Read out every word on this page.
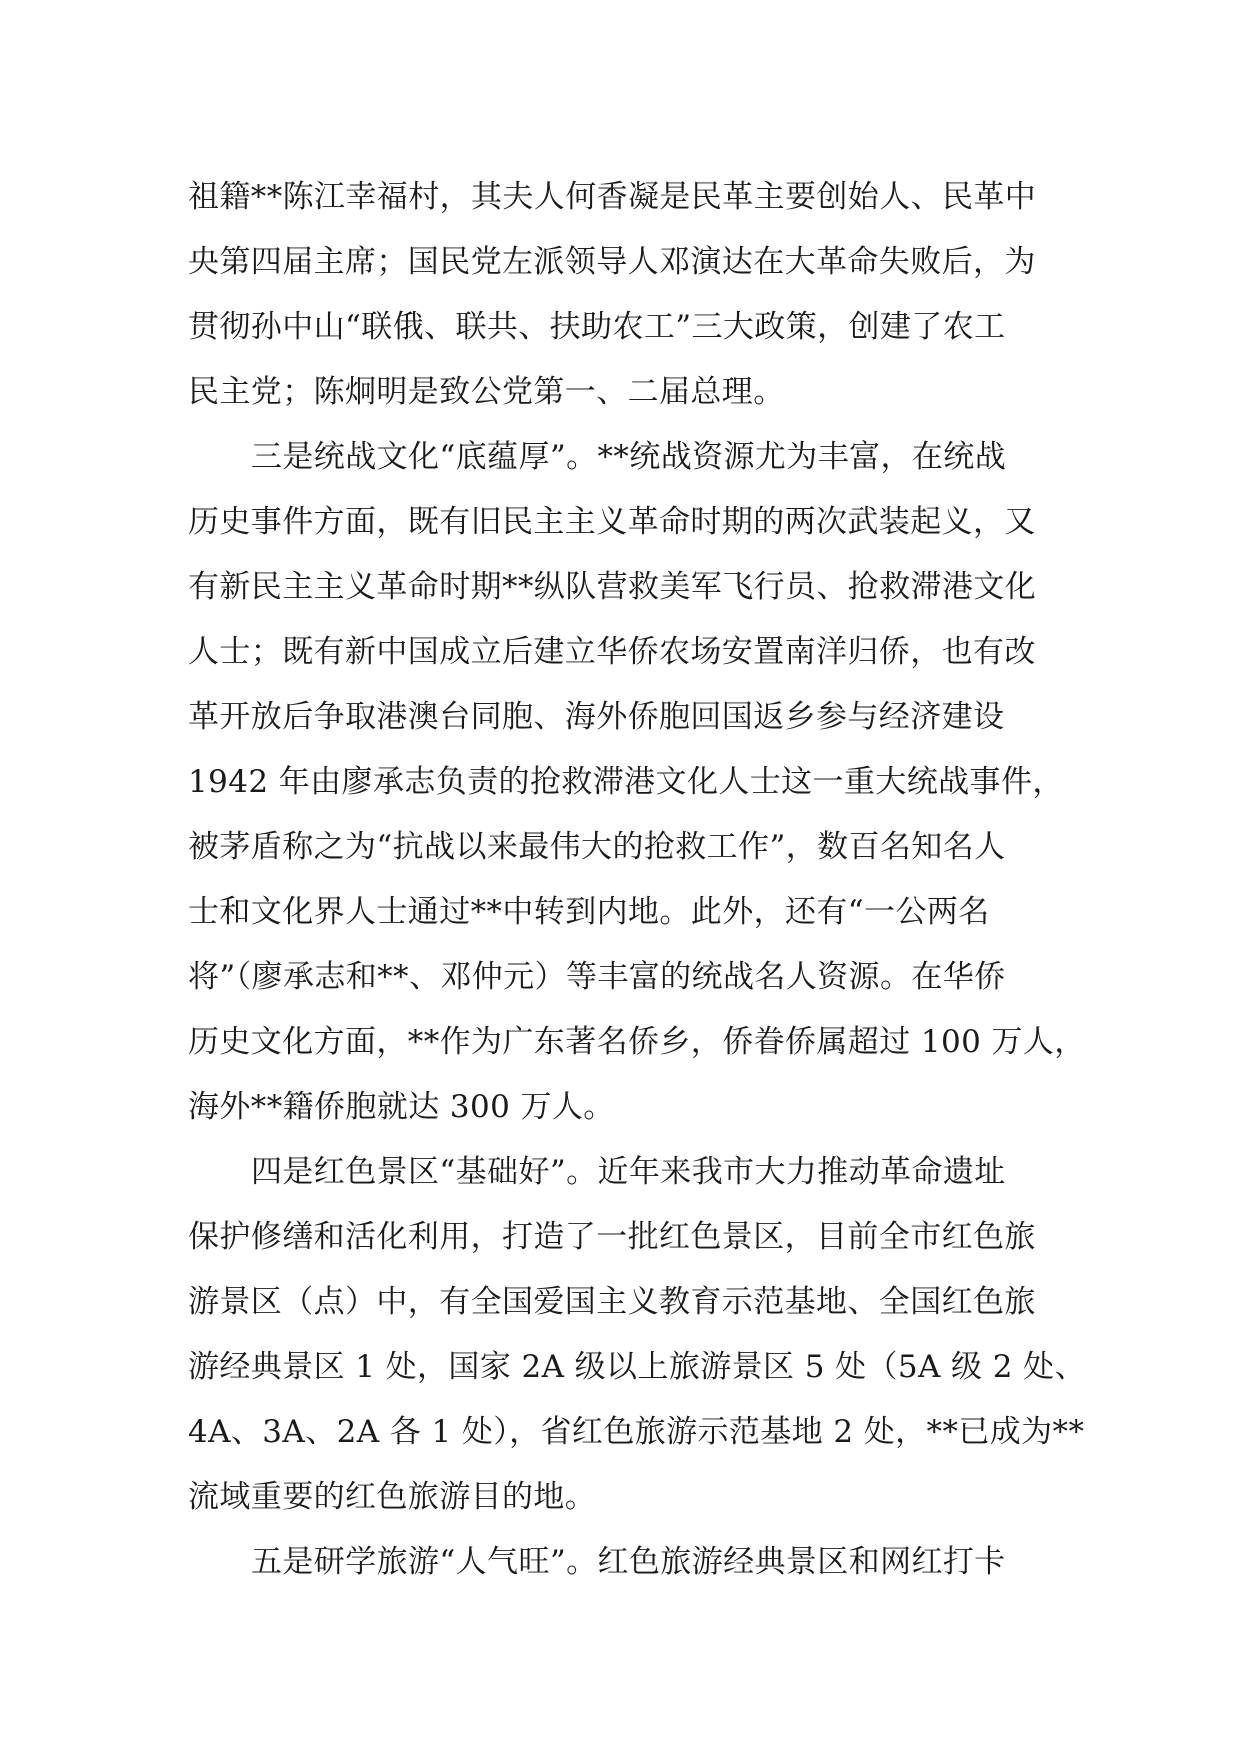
祖籍**陈江幸福村，其夫人何香凝是民革主要创始人、民革中
央第四届主席；国民党左派领导人邓演达在大革命失败后，为
贯彻孙中山“联俄、联共、扶助农工”三大政策，创建了农工
民主党；陈炯明是致公党第一、二届总理。
三是统战文化“底蕴厚”。**统战资源尤为丰富，在统战
历史事件方面，既有旧民主主义革命时期的两次武装起义，又
有新民主主义革命时期**纵队营救美军飞行员、抢救滞港文化
人士；既有新中国成立后建立华侨农场安置南洋归侨，也有改
革开放后争取港澳台同胞、海外侨胞回国返乡参与经济建设
1942 年由廖承志负责的抢救滞港文化人士这一重大统战事件，
被茅盾称之为“抗战以来最伟大的抢救工作”，数百名知名人
士和文化界人士通过**中转到内地。此外，还有“一公两名
将”（廖承志和**、邓仲元）等丰富的统战名人资源。在华侨
历史文化方面，**作为广东著名侨乡，侨眷侨属超过 100 万人，
海外**籍侨胞就达 300 万人。
四是红色景区“基础好”。近年来我市大力推动革命遗址
保护修缮和活化利用，打造了一批红色景区，目前全市红色旅
游景区（点）中，有全国爱国主义教育示范基地、全国红色旅
游经典景区 1 处，国家 2A 级以上旅游景区 5 处（5A 级 2 处、
4A、3A、2A 各 1 处），省红色旅游示范基地 2 处，**已成为**
流域重要的红色旅游目的地。
五是研学旅游“人气旺”。红色旅游经典景区和网红打卡
